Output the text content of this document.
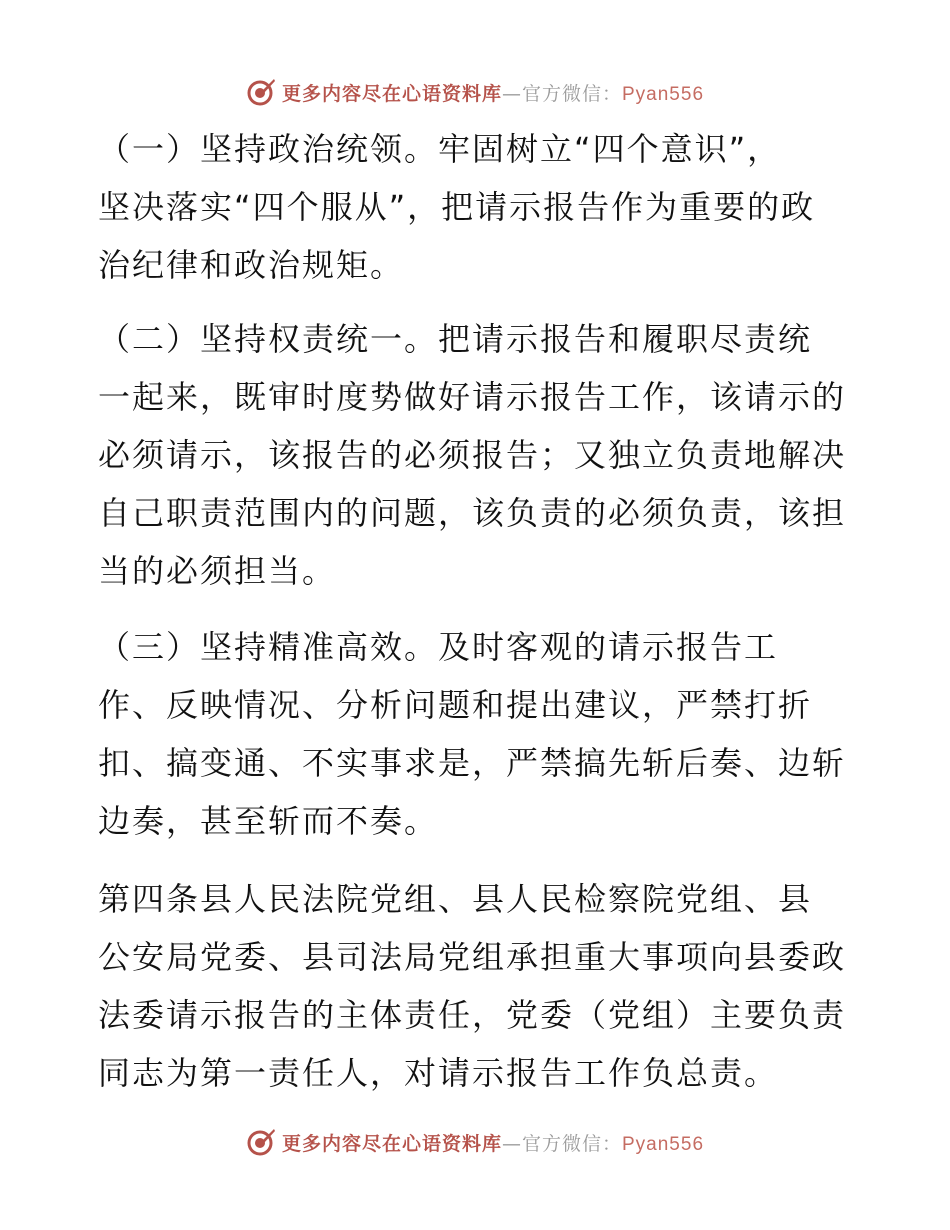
更多内容尽在心语资料库—官方微信：Pyan556

（一）坚持政治统领。牢固树立“四个意识”，
坚决落实“四个服从”，把请示报告作为重要的政
治纪律和政治规矩。

（二）坚持权责统一。把请示报告和履职尽责统
一起来，既审时度势做好请示报告工作，该请示的
必须请示，该报告的必须报告；又独立负责地解决
自己职责范围内的问题，该负责的必须负责，该担
当的必须担当。

（三）坚持精准高效。及时客观的请示报告工
作、反映情况、分析问题和提出建议，严禁打折
扣、搞变通、不实事求是，严禁搞先斩后奏、边斩
边奏，甚至斩而不奏。

第四条县人民法院党组、县人民检察院党组、县
公安局党委、县司法局党组承担重大事项向县委政
法委请示报告的主体责任，党委（党组）主要负责
同志为第一责任人，对请示报告工作负总责。

更多内容尽在心语资料库—官方微信：Pyan556
